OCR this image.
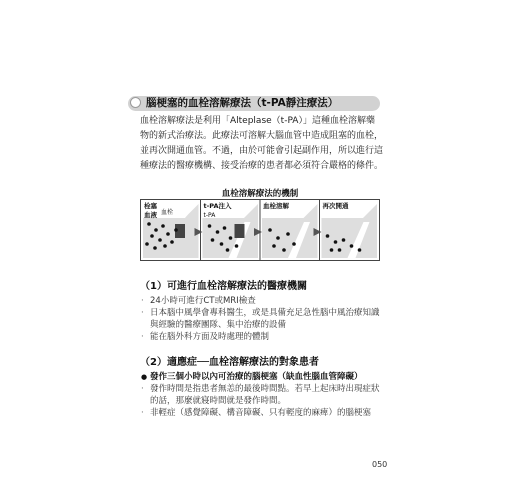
腦梗塞的血栓溶解療法（t-PA靜注療法）

血栓溶解療法是利用「Alteplase（t-PA）」這種血栓溶解藥
物的新式治療法。此療法可溶解大腦血管中造成阻塞的血栓，
並再次開通血管。不過，由於可能會引起副作用，所以進行這
種療法的醫療機構、接受治療的患者都必須符合嚴格的條件。

血栓溶解療法的機制
栓塞
血液 血栓
t-PA注入
t-PA
血栓溶解	再次開通
（1）可進行血栓溶解療法的醫療機關
· 24小時可進行CT或MRI檢查
· 日本腦中風學會專科醫生，或是具備充足急性腦中風治療知識
與經驗的醫療團隊、集中治療的設備
· 能在腦外科方面及時處理的體制
（2）適應症──血栓溶解療法的對象患者
● 發作三個小時以內可治療的腦梗塞（缺血性腦血管障礙）
· 發作時間是指患者無恙的最後時間點。若早上起床時出現症狀
的話，那麼就寢時間就是發作時間。
· 非輕症（感覺障礙、構音障礙、只有輕度的麻痺）的腦梗塞
050
